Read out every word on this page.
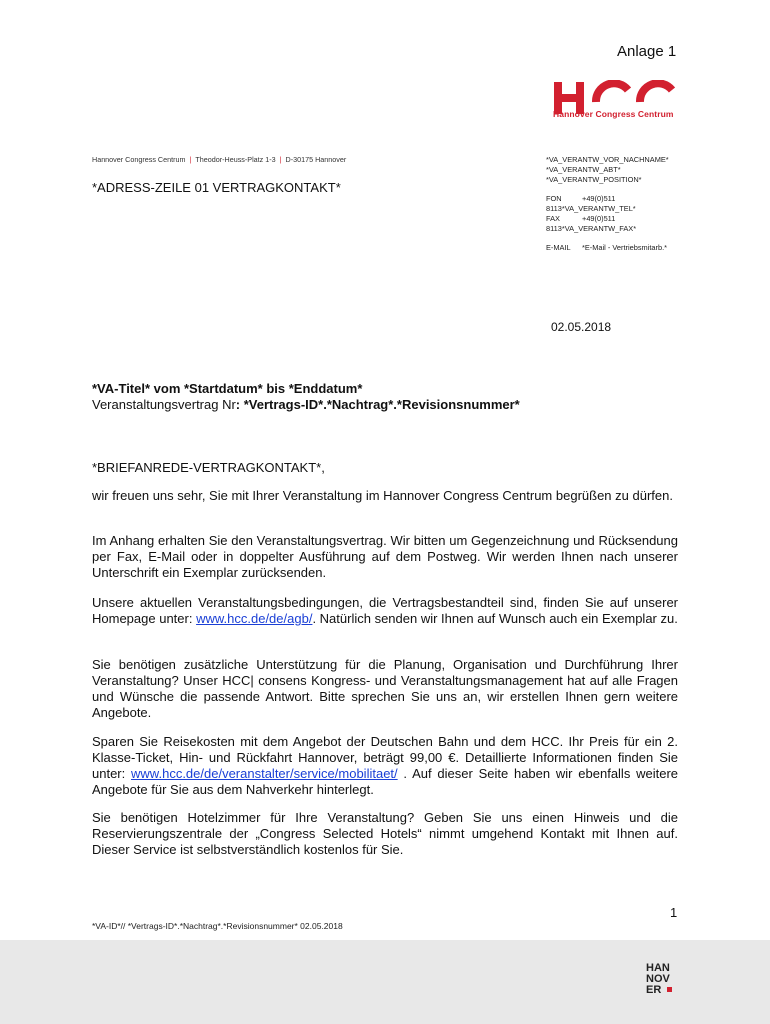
Anlage 1
HCC
Hannover Congress Centrum
Hannover Congress Centrum | Theodor-Heuss-Platz 1-3 | D-30175 Hannover
*ADRESS-ZEILE 01 VERTRAGKONTAKT*
*VA_VERANTW_VOR_NACHNAME*
*VA_VERANTW_ABT*
*VA_VERANTW_POSITION*
FON	+49(0)511
8113*VA_VERANTW_TEL*
FAX	+49(0)511
8113*VA_VERANTW_FAX*
E-MAIL *E-Mail - Vertriebsmitarb.*
02.05.2018
*VA-Titel* vom *Startdatum* bis *Enddatum*
Veranstaltungsvertrag Nr: *Vertrags-ID*.*Nachtrag*.*Revisionsnummer*
*BRIEFANREDE-VERTRAGKONTAKT*,
wir freuen uns sehr, Sie mit Ihrer Veranstaltung im Hannover Congress Centrum begrüßen zu dürfen.
Im Anhang erhalten Sie den Veranstaltungsvertrag. Wir bitten um Gegenzeichnung und Rücksendung per Fax, E-Mail oder in doppelter Ausführung auf dem Postweg. Wir werden Ihnen nach unserer Unterschrift ein Exemplar zurücksenden.
Unsere aktuellen Veranstaltungsbedingungen, die Vertragsbestandteil sind, finden Sie auf unserer Homepage unter: www.hcc.de/de/agb/. Natürlich senden wir Ihnen auf Wunsch auch ein Exemplar zu.
Sie benötigen zusätzliche Unterstützung für die Planung, Organisation und Durchführung Ihrer Veranstaltung? Unser HCC| consens Kongress- und Veranstaltungsmanagement hat auf alle Fragen und Wünsche die passende Antwort. Bitte sprechen Sie uns an, wir erstellen Ihnen gern weitere Angebote.
Sparen Sie Reisekosten mit dem Angebot der Deutschen Bahn und dem HCC. Ihr Preis für ein 2. Klasse-Ticket, Hin- und Rückfahrt Hannover, beträgt 99,00 €. Detaillierte Informationen finden Sie unter: www.hcc.de/de/veranstalter/service/mobilitaet/ . Auf dieser Seite haben wir ebenfalls weitere Angebote für Sie aus dem Nahverkehr hinterlegt.
Sie benötigen Hotelzimmer für Ihre Veranstaltung? Geben Sie uns einen Hinweis und die Reservierungszentrale der „Congress Selected Hotels“ nimmt umgehend Kontakt mit Ihnen auf. Dieser Service ist selbstverständlich kostenlos für Sie.
1
*VA-ID*// *Vertrags-ID*.*Nachtrag*.*Revisionsnummer* 02.05.2018
HAN
NOV
ER
